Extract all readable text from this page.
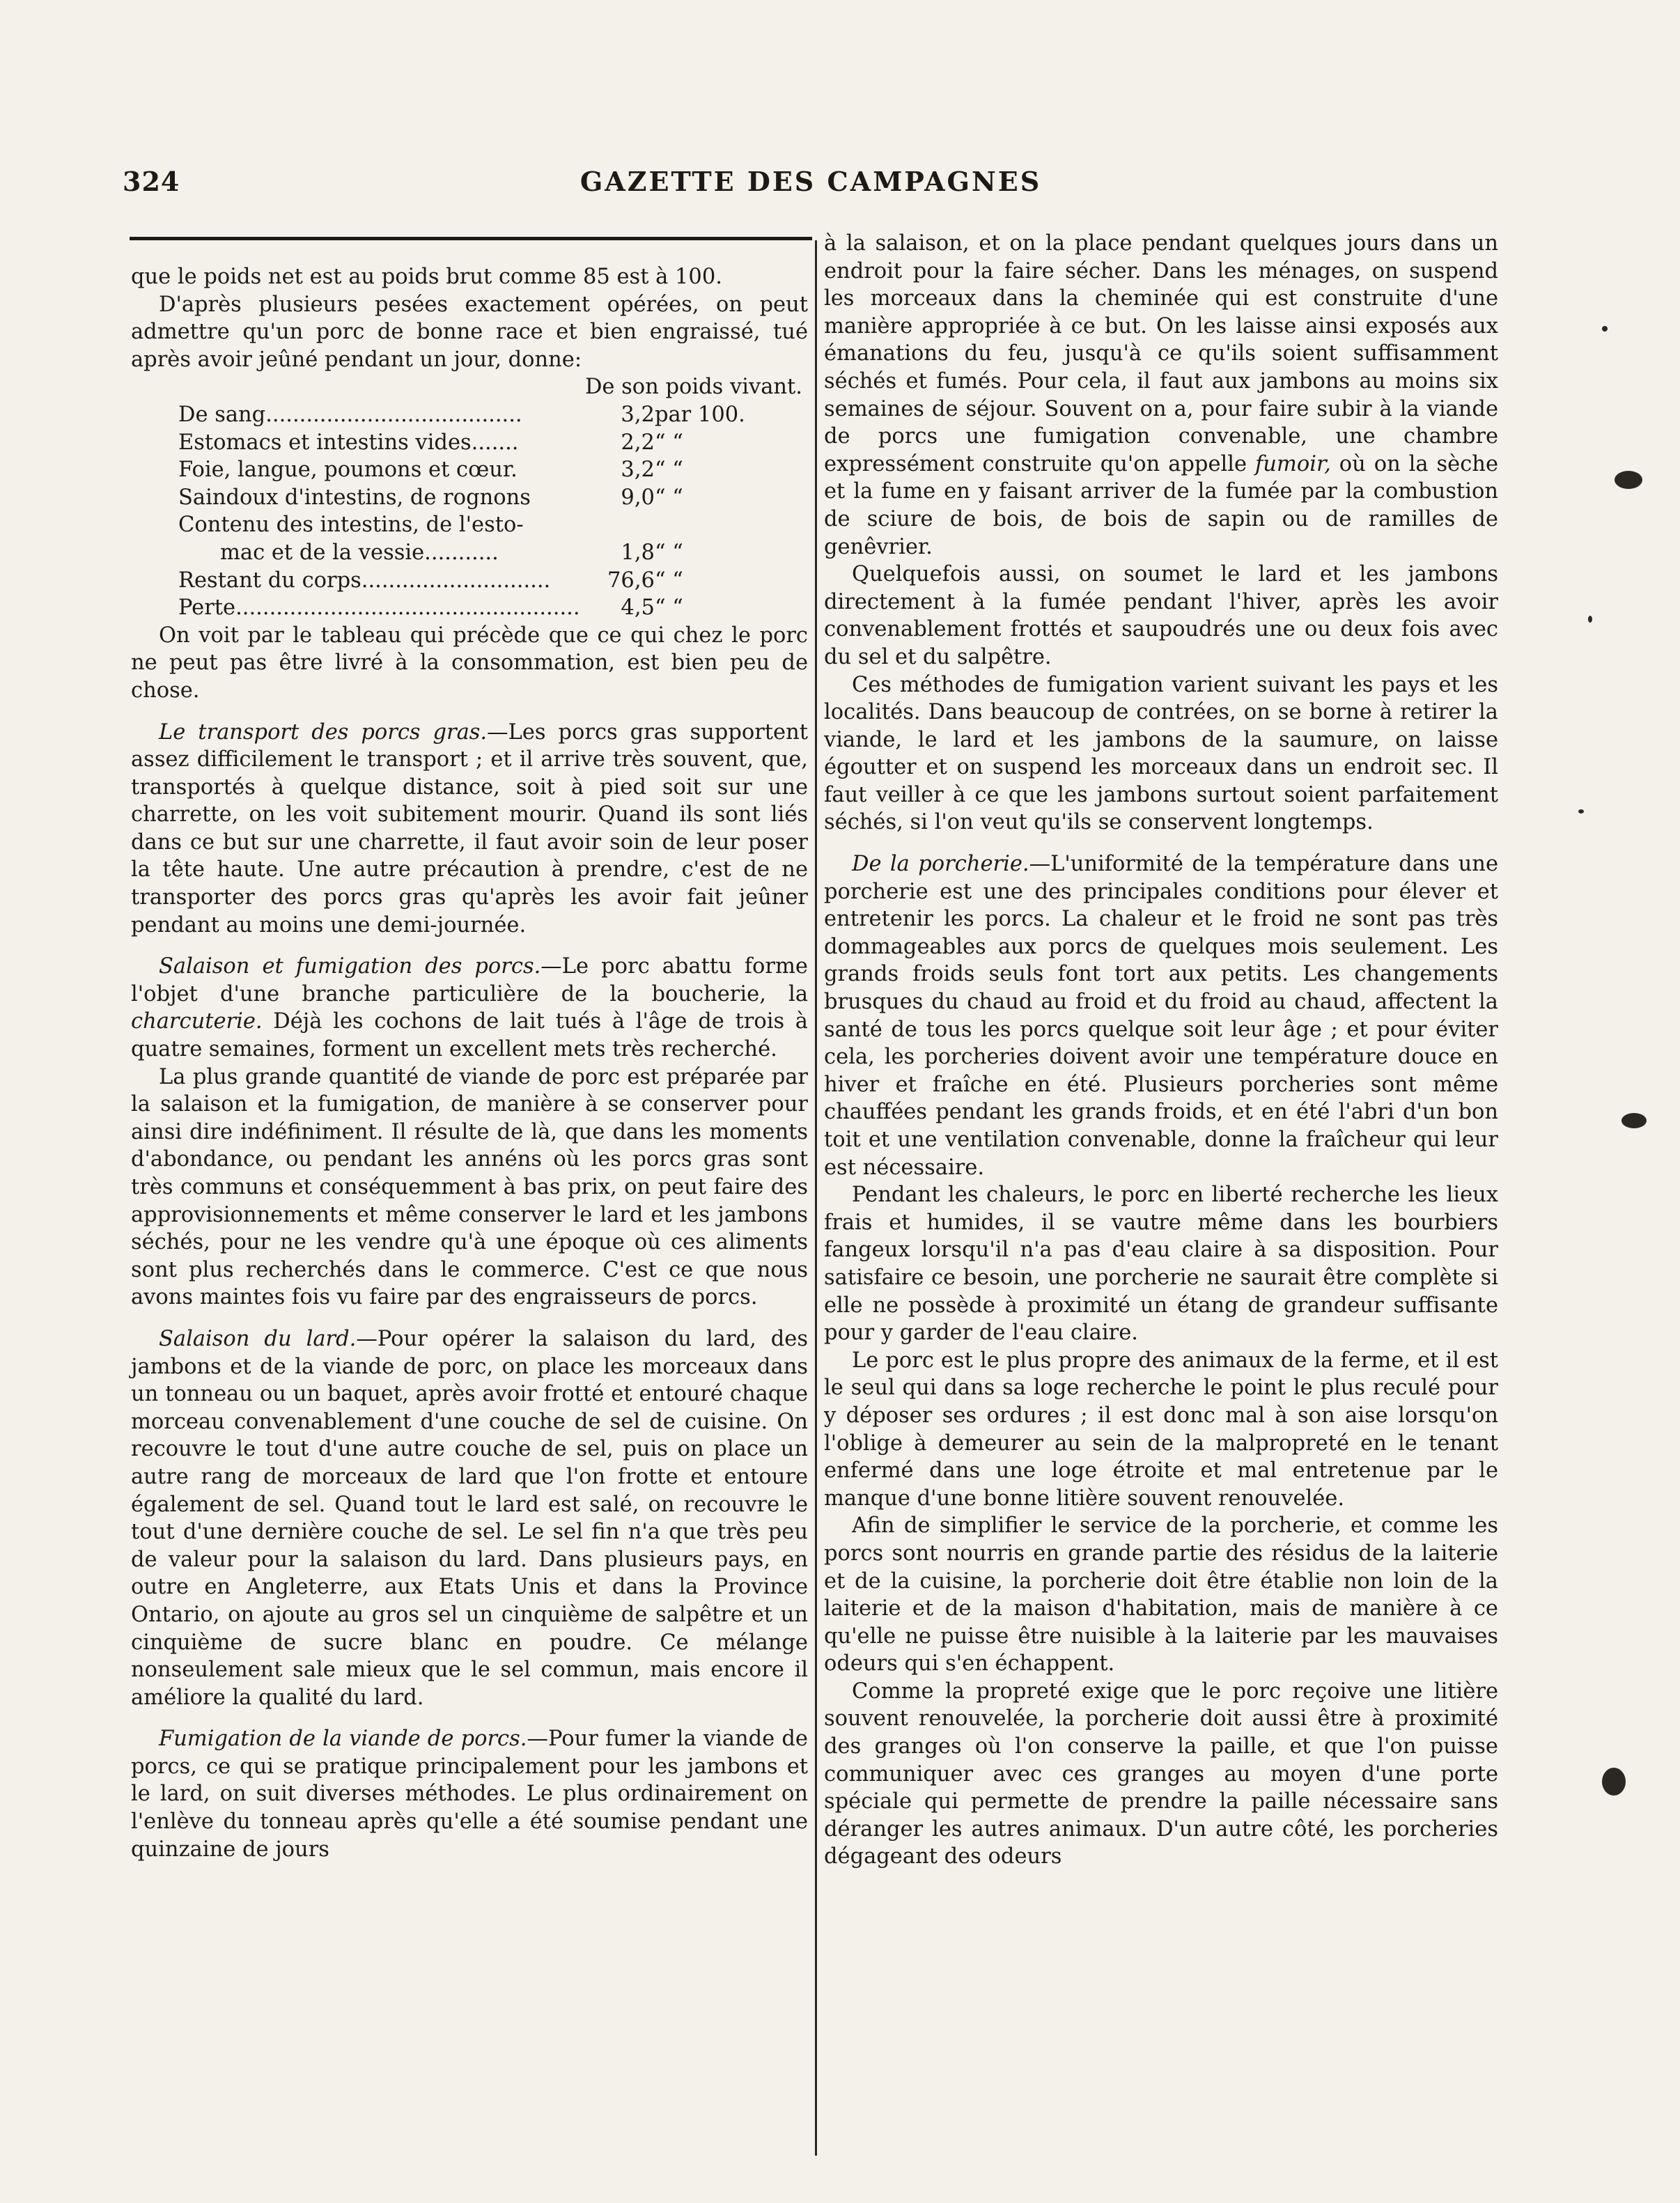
324	GAZETTE DES CAMPAGNES

que le poids net est au poids brut comme 85 est à 100.

D'après plusieurs pesées exactement opérées, on peut admettre qu'un porc de bonne race et bien engraissé, tué après avoir jeûné pendant un jour, donne:

De son poids vivant.
De sang......................................	3,2	par 100.
Estomacs et intestins vides.......	2,2	“ “
Foie, langue, poumons et cœur.	3,2	“ “
Saindoux d'intestins, de rognons	9,0	“ “
Contenu des intestins, de l'esto-		
mac et de la vessie...........	1,8	“ “
Restant du corps............................	76,6	“ “
Perte...................................................	4,5	“ “

On voit par le tableau qui précède que ce qui chez le porc ne peut pas être livré à la consommation, est bien peu de chose.

Le transport des porcs gras.—Les porcs gras supportent assez difficilement le transport ; et il arrive très souvent, que, transportés à quelque distance, soit à pied soit sur une charrette, on les voit subitement mourir. Quand ils sont liés dans ce but sur une charrette, il faut avoir soin de leur poser la tête haute. Une autre précaution à prendre, c'est de ne transporter des porcs gras qu'après les avoir fait jeûner pendant au moins une demi-journée.

Salaison et fumigation des porcs.—Le porc abattu forme l'objet d'une branche particulière de la boucherie, la charcuterie. Déjà les cochons de lait tués à l'âge de trois à quatre semaines, forment un excellent mets très recherché.

La plus grande quantité de viande de porc est préparée par la salaison et la fumigation, de manière à se conserver pour ainsi dire indéfiniment. Il résulte de là, que dans les moments d'abondance, ou pendant les annéns où les porcs gras sont très communs et conséquemment à bas prix, on peut faire des approvisionnements et même conserver le lard et les jambons séchés, pour ne les vendre qu'à une époque où ces aliments sont plus recherchés dans le commerce. C'est ce que nous avons maintes fois vu faire par des engraisseurs de porcs.

Salaison du lard.—Pour opérer la salaison du lard, des jambons et de la viande de porc, on place les morceaux dans un tonneau ou un baquet, après avoir frotté et entouré chaque morceau convenablement d'une couche de sel de cuisine. On recouvre le tout d'une autre couche de sel, puis on place un autre rang de morceaux de lard que l'on frotte et entoure également de sel. Quand tout le lard est salé, on recouvre le tout d'une dernière couche de sel. Le sel fin n'a que très peu de valeur pour la salaison du lard. Dans plusieurs pays, en outre en Angleterre, aux Etats Unis et dans la Province Ontario, on ajoute au gros sel un cinquième de salpêtre et un cinquième de sucre blanc en poudre. Ce mélange nonseulement sale mieux que le sel commun, mais encore il améliore la qualité du lard.

Fumigation de la viande de porcs.—Pour fumer la viande de porcs, ce qui se pratique principalement pour les jambons et le lard, on suit diverses méthodes. Le plus ordinairement on l'enlève du tonneau après qu'elle a été soumise pendant une quinzaine de jours

à la salaison, et on la place pendant quelques jours dans un endroit pour la faire sécher. Dans les ménages, on suspend les morceaux dans la cheminée qui est construite d'une manière appropriée à ce but. On les laisse ainsi exposés aux émanations du feu, jusqu'à ce qu'ils soient suffisamment séchés et fumés. Pour cela, il faut aux jambons au moins six semaines de séjour. Souvent on a, pour faire subir à la viande de porcs une fumigation convenable, une chambre expressément construite qu'on appelle fumoir, où on la sèche et la fume en y faisant arriver de la fumée par la combustion de sciure de bois, de bois de sapin ou de ramilles de genêvrier.

Quelquefois aussi, on soumet le lard et les jambons directement à la fumée pendant l'hiver, après les avoir convenablement frottés et saupoudrés une ou deux fois avec du sel et du salpêtre.

Ces méthodes de fumigation varient suivant les pays et les localités. Dans beaucoup de contrées, on se borne à retirer la viande, le lard et les jambons de la saumure, on laisse égoutter et on suspend les morceaux dans un endroit sec. Il faut veiller à ce que les jambons surtout soient parfaitement séchés, si l'on veut qu'ils se conservent longtemps.

De la porcherie.—L'uniformité de la température dans une porcherie est une des principales conditions pour élever et entretenir les porcs. La chaleur et le froid ne sont pas très dommageables aux porcs de quelques mois seulement. Les grands froids seuls font tort aux petits. Les changements brusques du chaud au froid et du froid au chaud, affectent la santé de tous les porcs quelque soit leur âge ; et pour éviter cela, les porcheries doivent avoir une température douce en hiver et fraîche en été. Plusieurs porcheries sont même chauffées pendant les grands froids, et en été l'abri d'un bon toit et une ventilation convenable, donne la fraîcheur qui leur est nécessaire.

Pendant les chaleurs, le porc en liberté recherche les lieux frais et humides, il se vautre même dans les bourbiers fangeux lorsqu'il n'a pas d'eau claire à sa disposition. Pour satisfaire ce besoin, une porcherie ne saurait être complète si elle ne possède à proximité un étang de grandeur suffisante pour y garder de l'eau claire.

Le porc est le plus propre des animaux de la ferme, et il est le seul qui dans sa loge recherche le point le plus reculé pour y déposer ses ordures ; il est donc mal à son aise lorsqu'on l'oblige à demeurer au sein de la malpropreté en le tenant enfermé dans une loge étroite et mal entretenue par le manque d'une bonne litière souvent renouvelée.

Afin de simplifier le service de la porcherie, et comme les porcs sont nourris en grande partie des résidus de la laiterie et de la cuisine, la porcherie doit être établie non loin de la laiterie et de la maison d'habitation, mais de manière à ce qu'elle ne puisse être nuisible à la laiterie par les mauvaises odeurs qui s'en échappent.

Comme la propreté exige que le porc reçoive une litière souvent renouvelée, la porcherie doit aussi être à proximité des granges où l'on conserve la paille, et que l'on puisse communiquer avec ces granges au moyen d'une porte spéciale qui permette de prendre la paille nécessaire sans déranger les autres animaux. D'un autre côté, les porcheries dégageant des odeurs
